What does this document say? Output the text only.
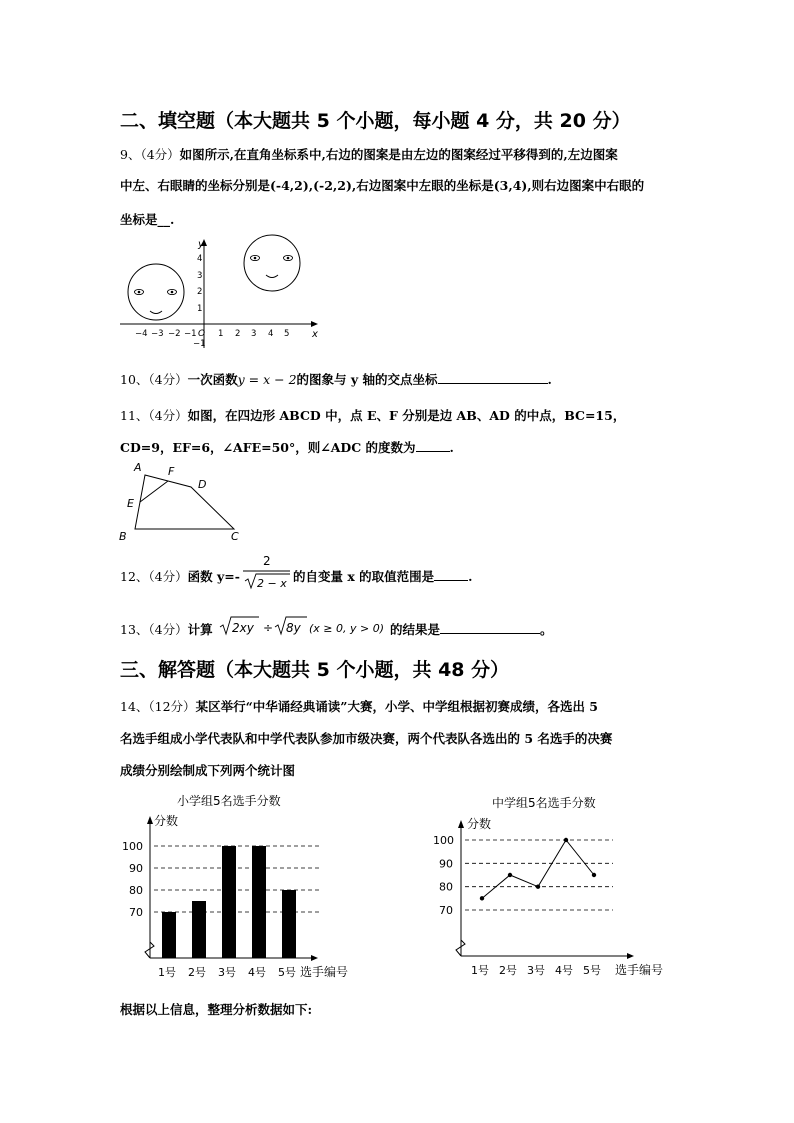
二、填空题（本大题共 5 个小题，每小题 4 分，共 20 分）
9、（4分）如图所示,在直角坐标系中,右边的图案是由左边的图案经过平移得到的,左边图案
中左、右眼睛的坐标分别是(-4,2),(-2,2),右边图案中左眼的坐标是(3,4),则右边图案中右眼的
坐标是__.
y
x
O
−4 −3 −2 −1	1 2 3 4 5
4
3
2
1
−1
10、（4分）一次函数y = x − 2的图象与 y 轴的交点坐标	.
11、（4分）如图，在四边形 ABCD 中，点 E、F 分别是边 AB、AD 的中点，BC=15，
CD=9，EF=6，∠AFE=50°，则∠ADC 的度数为	.
A F
D
E
B	C
12、（4分）函数 y=-
2
2 − x 的自变量 x 的取值范围是	.
13、（4分）计算 2xy ÷ 8y (x ≥ 0, y > 0) 的结果是	。
三、解答题（本大题共 5 个小题，共 48 分）
14、（12分）某区举行“中华诵经典诵读”大赛，小学、中学组根据初赛成绩，各选出 5
名选手组成小学代表队和中学代表队参加市级决赛，两个代表队各选出的 5 名选手的决赛
成绩分别绘制成下列两个统计图
小学组5名选手分数
分数
选手编号
70
80
90
100
1号 2号 3号 4号 5号
中学组5名选手分数
分数
选手编号
70
80
90
100
1号 2号 3号 4号 5号
根据以上信息，整理分析数据如下:
